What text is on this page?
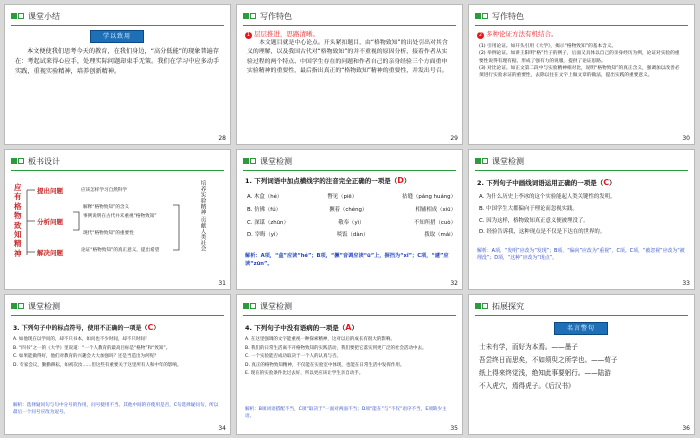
课堂小结
学以致用
本文便使我们思考今天的教育，在我们身边，“高分低能”的现象普遍存在：考起试来得心应手，处理实际问题却束手无策。我们在学习中应多动手实践，重视实验精神，培养创新精神。
28
写作特色
1 层层推进，思路清晰。
本文题目就是中心论点。开头紧扣题目，由“格物致知”的出处引出对其含义的理解，以及我国古代对“格物致知”的并不重视的原因分析，接着作者从实验过程的两个特点、中国学生存在的问题和作者自己的亲身经验三个方面重申实验精神的重要性，最后指出真正的“格物致知”精神的重要性，并发出号召。
29
写作特色
2 多种论证方法有机结合。
(1) 引用论证。如开头引用《大学》，揭示“格物致知”的基本含义。
(2) 举例论证。如讲王阳明“格”竹子的例子，后面又具体以自己的亲身经历为例，论证对实验的重要性说得有理有据，形成了强有力的说服，提供了论证思路。
(3) 对比论证。如正文第二段中与实验精神相对比，说明“格物致知”的真正含义，强调加以改善必须进行实验求证的重要性，去除以往在文字上做文章的做法，提出实践的重要意义。
30
板书设计
应有格物致知精神
提出问题
分析问题
解决问题
应该怎样学习自然科学
解释“格物致知”的含义
事例说明在古代并未重视“格物致知”
现代“格物致知”的重要性
论证“格物致知”的真正意义，提出希望	培养实验精神 贡献人类社会
31
课堂检测
1. 下列词语中加点横线字的注音完全正确的一项是（D）
A. 木盒（hé）	瞥见（piē）	拈缝（páng huáng）
B. 仿佛（fú）	撅着（chéng）	相辅相成（xiū）
C. 深谋（zhūn）	敬奉（yì）	不知所措（cuò）
D. 宰晦（yì）	啖饭（dàn）	拨取（mái）
解析：A项，“盒”应读“hé”；B项，“撅”音调应读“ū”上，摒挡为“xǐ”；C项，“遽”应读“zūn”。
32
课堂检测
2. 下列句子中画线词语运用正确的一项是（C）
A. 为什么历史上李冰的这个实验能起人类关键性的发明。
B. 中国学生大都偏向于理论而忽视实践。
C. 因为这样，格物致知真正意义便被埋没了。
D. 经验告诉我，这种现点是不仅是下达在的世界的。
解析：A项，“发明”应改为“发现”；B项，“偏向”应改为“重视”，C项。C项，“被忽视”应改为“被埋没”；D项，“这种”应改为“现点”。
33
课堂检测
3. 下列句子中的标点符号，使用不正确的一项是（C）
A. 如他现在以学问的，却不只书本，如问也不少时间，却不只时间！
B. “四书”之一的《大学》里说道：“一个人教育的最高目标是“格物”和“致知”。
C. 如果能做得好，他们对教育的兴趣会大大加强吗？还是当造出为何呢？
D. 专家会议，勤勤耕耘，如初次汝……但这些有重要关于这里所有人和中年的影响。
解析：选择疑问句与句中分号的作用，问号使用不当。其他中间的存使用是否，C句选择疑问句，所以最后一个问号应改为逗号。
34
课堂检测
4. 下列句子中没有语病的一项是（A）
A. 在这里强调的文字能重视一种探索精神，这对以后的成长有很大的影响。
B. 我们的日常生活离不开格物致知的实践活动，我们要把它落实到更广泛的社会活动中去。
C. 一个实验能否成功取决于一个人的认真与否。
D. 真正的格物致知精神，不仅能在实验室中体现，也能在日常生活中发挥作用。
E. 现在的实验条件比过去好，所以更应该让学生亲自动手。
解析：B项词语搭配不当，C项“取决于”一面对两面不当；D项“能在”与“不仅”语序不当，E项缺少主语。
35
拓展探究
名言警句
士未有学，而好为本焉。——墨子
吾尝终日而思矣，不如须臾之所学也。——荀子
纸上得来终觉浅，绝知此事要躬行。——陆游
不入虎穴，焉得虎子。《后汉书》
36
